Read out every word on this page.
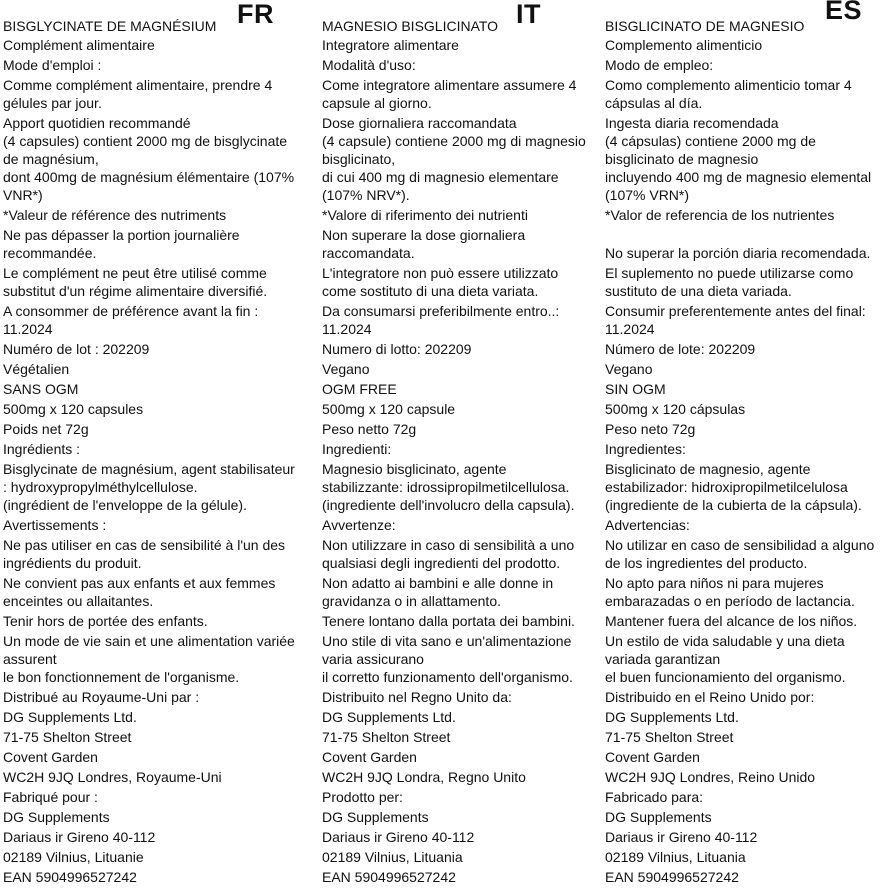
BISGLYCINATE DE MAGNÉSIUM FR
Complément alimentaire
Mode d'emploi :
Comme complément alimentaire, prendre 4
gélules par jour.
Apport quotidien recommandé
(4 capsules) contient 2000 mg de bisglycinate
de magnésium,
dont 400mg de magnésium élémentaire (107%
VNR*)
*Valeur de référence des nutriments
Ne pas dépasser la portion journalière
recommandée.
Le complément ne peut être utilisé comme
substitut d'un régime alimentaire diversifié.
A consommer de préférence avant la fin :
11.2024
Numéro de lot : 202209
Végétalien
SANS OGM
500mg x 120 capsules
Poids net 72g
Ingrédients :
Bisglycinate de magnésium, agent stabilisateur
: hydroxypropylméthylcellulose.
(ingrédient de l'enveloppe de la gélule).
Avertissements :
Ne pas utiliser en cas de sensibilité à l'un des
ingrédients du produit.
Ne convient pas aux enfants et aux femmes
enceintes ou allaitantes.
Tenir hors de portée des enfants.
Un mode de vie sain et une alimentation variée
assurent
le bon fonctionnement de l'organisme.
Distribué au Royaume-Uni par :
DG Supplements Ltd.
71-75 Shelton Street
Covent Garden
WC2H 9JQ Londres, Royaume-Uni
Fabriqué pour :
DG Supplements
Dariaus ir Gireno 40-112
02189 Vilnius, Lituanie
EAN 5904996527242
MAGNESIO BISGLICINATO IT
Integratore alimentare
Modalità d'uso:
Come integratore alimentare assumere 4
capsule al giorno.
Dose giornaliera raccomandata
(4 capsule) contiene 2000 mg di magnesio
bisglicinato,
di cui 400 mg di magnesio elementare
(107% NRV*).
*Valore di riferimento dei nutrienti
Non superare la dose giornaliera
raccomandata.
L'integratore non può essere utilizzato
come sostituto di una dieta variata.
Da consumarsi preferibilmente entro..:
11.2024
Numero di lotto: 202209
Vegano
OGM FREE
500mg x 120 capsule
Peso netto 72g
Ingredienti:
Magnesio bisglicinato, agente
stabilizzante: idrossipropilmetilcellulosa.
(ingrediente dell'involucro della capsula).
Avvertenze:
Non utilizzare in caso di sensibilità a uno
qualsiasi degli ingredienti del prodotto.
Non adatto ai bambini e alle donne in
gravidanza o in allattamento.
Tenere lontano dalla portata dei bambini.
Uno stile di vita sano e un'alimentazione
varia assicurano
il corretto funzionamento dell'organismo.
Distribuito nel Regno Unito da:
DG Supplements Ltd.
71-75 Shelton Street
Covent Garden
WC2H 9JQ Londra, Regno Unito
Prodotto per:
DG Supplements
Dariaus ir Gireno 40-112
02189 Vilnius, Lituania
EAN 5904996527242
BISGLICINATO DE MAGNESIO
ES
Complemento alimenticio
Modo de empleo:
Como complemento alimenticio tomar 4
cápsulas al día.
Ingesta diaria recomendada
(4 cápsulas) contiene 2000 mg de
bisglicinato de magnesio
incluyendo 400 mg de magnesio elemental
(107% VRN*)
*Valor de referencia de los nutrientes

No superar la porción diaria recomendada.
El suplemento no puede utilizarse como
sustituto de una dieta variada.
Consumir preferentemente antes del final:
11.2024
Número de lote: 202209
Vegano
SIN OGM
500mg x 120 cápsulas
Peso neto 72g
Ingredientes:
Bisglicinato de magnesio, agente
estabilizador: hidroxipropilmetilcelulosa
(ingrediente de la cubierta de la cápsula).
Advertencias:
No utilizar en caso de sensibilidad a alguno
de los ingredientes del producto.
No apto para niños ni para mujeres
embarazadas o en período de lactancia.
Mantener fuera del alcance de los niños.
Un estilo de vida saludable y una dieta
variada garantizan
el buen funcionamiento del organismo.
Distribuido en el Reino Unido por:
DG Supplements Ltd.
71-75 Shelton Street
Covent Garden
WC2H 9JQ Londres, Reino Unido
Fabricado para:
DG Supplements
Dariaus ir Gireno 40-112
02189 Vilnius, Lituania
EAN 5904996527242
